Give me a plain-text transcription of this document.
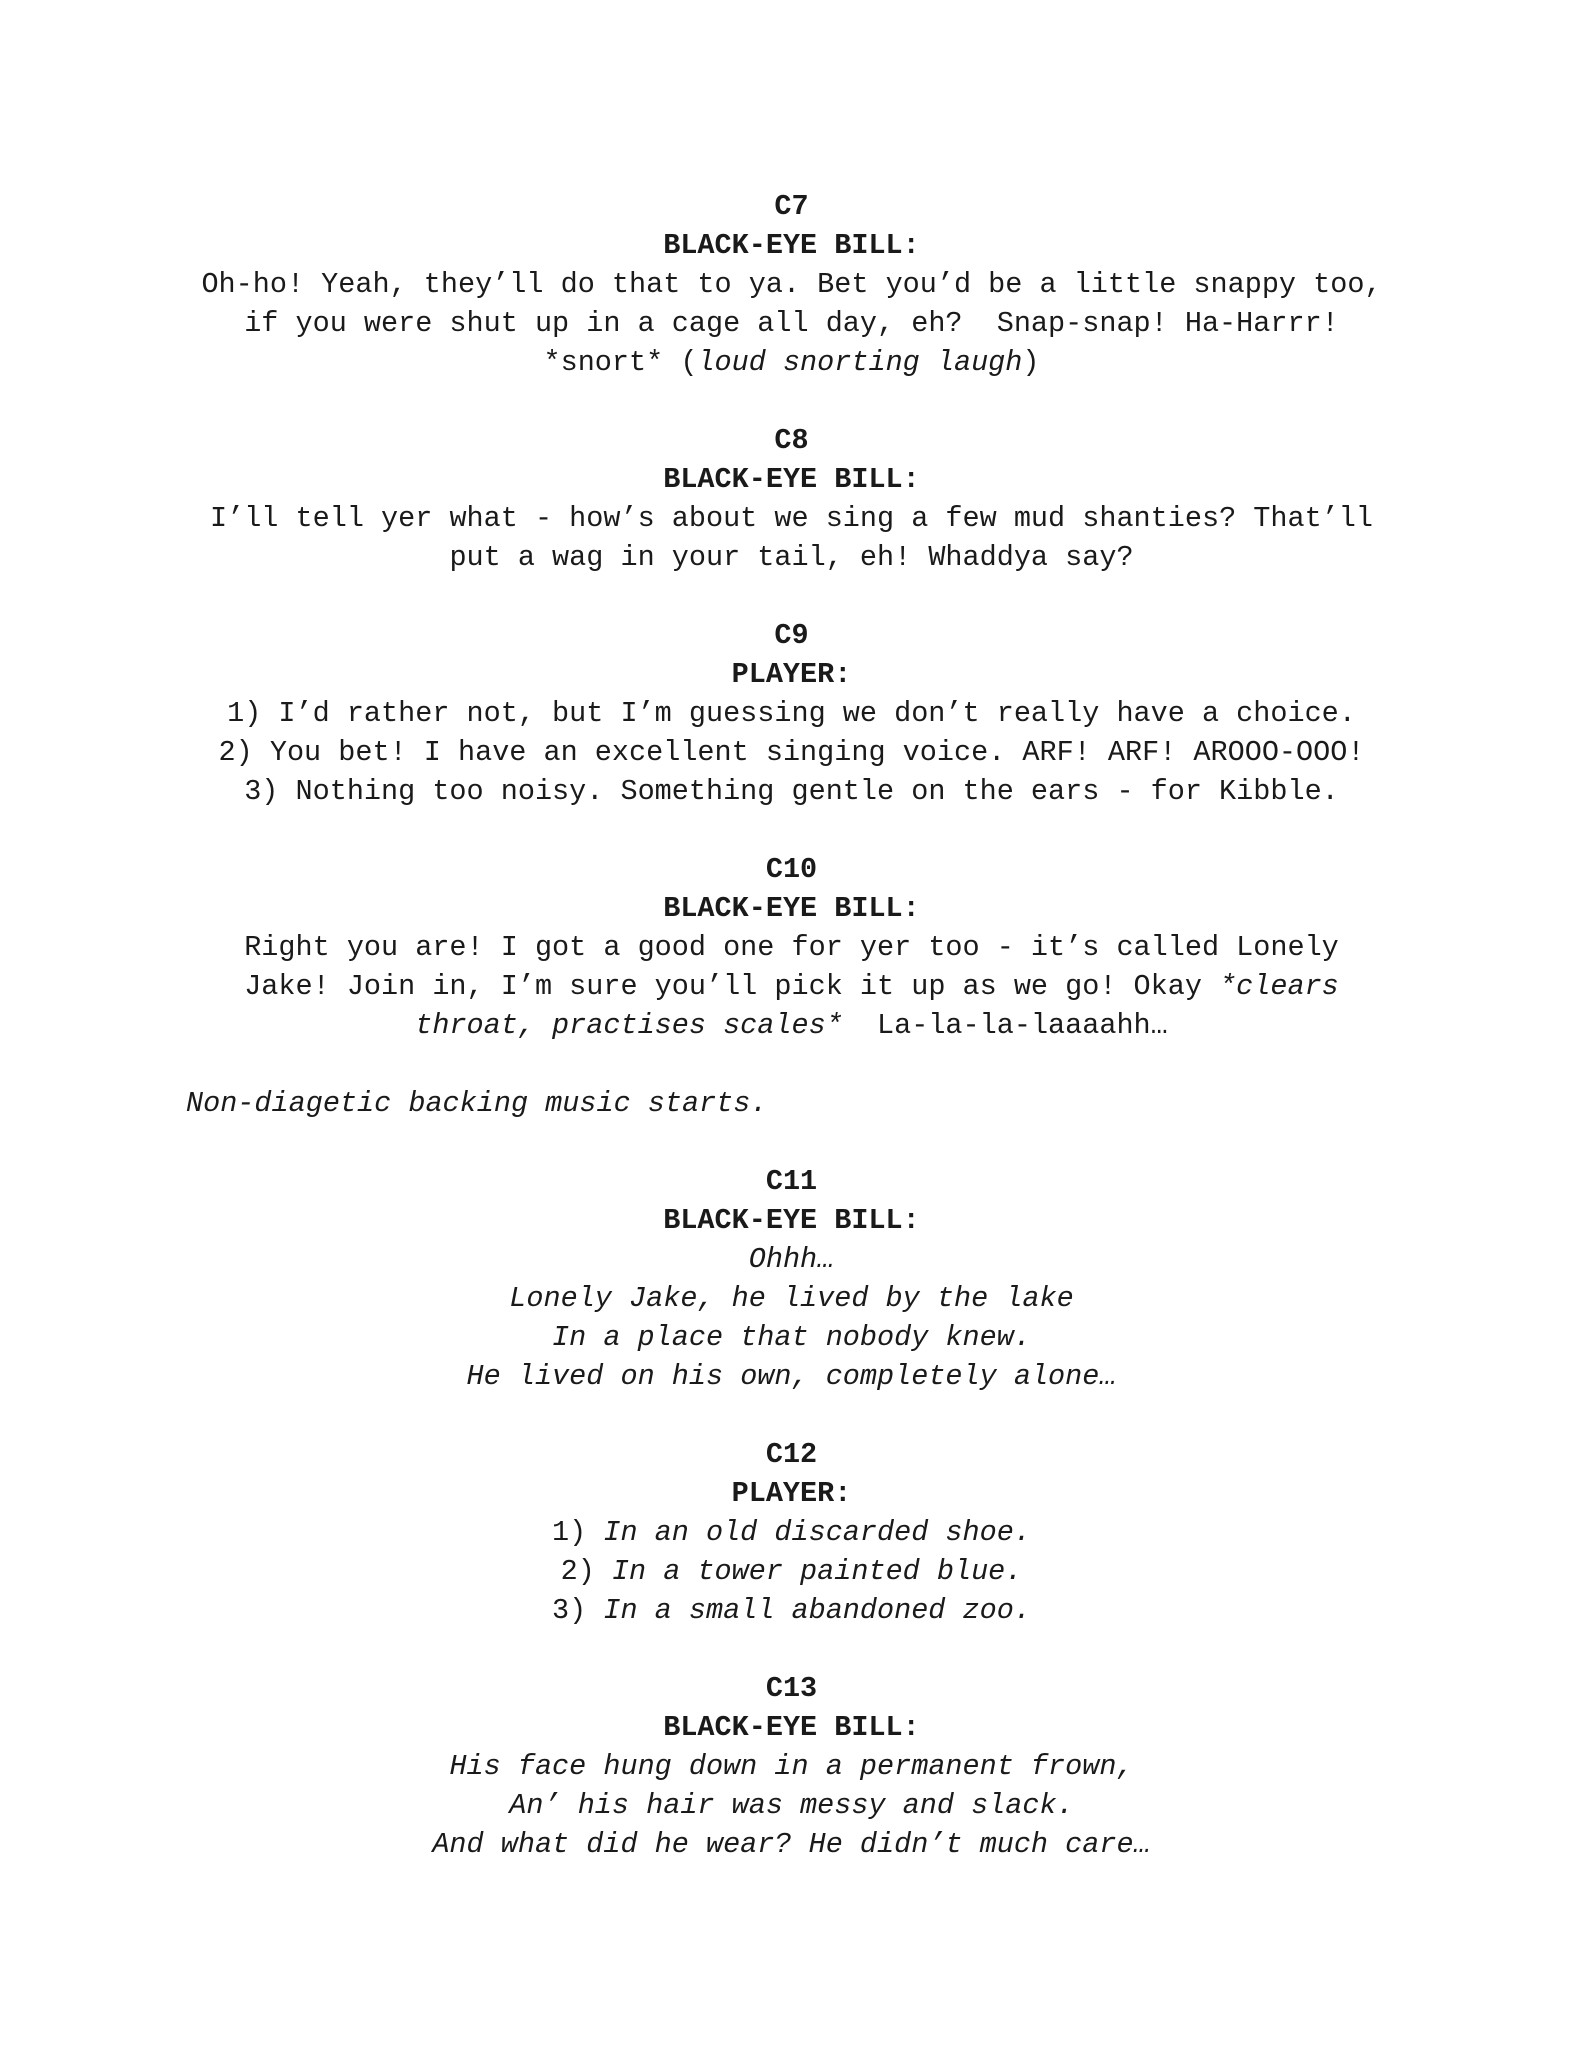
C7
BLACK-EYE BILL:
Oh-ho! Yeah, they’ll do that to ya. Bet you’d be a little snappy too,
if you were shut up in a cage all day, eh?  Snap-snap! Ha-Harrr!
*snort* (loud snorting laugh)
C8
BLACK-EYE BILL:
I’ll tell yer what - how’s about we sing a few mud shanties? That’ll
put a wag in your tail, eh! Whaddya say?
C9
PLAYER:
1) I’d rather not, but I’m guessing we don’t really have a choice.
2) You bet! I have an excellent singing voice. ARF! ARF! AROOO-OOO!
3) Nothing too noisy. Something gentle on the ears - for Kibble.
C10
BLACK-EYE BILL:
Right you are! I got a good one for yer too - it’s called Lonely
Jake! Join in, I’m sure you’ll pick it up as we go! Okay *clears
throat, practises scales*  La-la-la-laaaahh…
Non-diagetic backing music starts.
C11
BLACK-EYE BILL:
Ohhh…
Lonely Jake, he lived by the lake
In a place that nobody knew.
He lived on his own, completely alone…
C12
PLAYER:
1) In an old discarded shoe.
2) In a tower painted blue.
3) In a small abandoned zoo.
C13
BLACK-EYE BILL:
His face hung down in a permanent frown,
An’ his hair was messy and slack.
And what did he wear? He didn’t much care…
